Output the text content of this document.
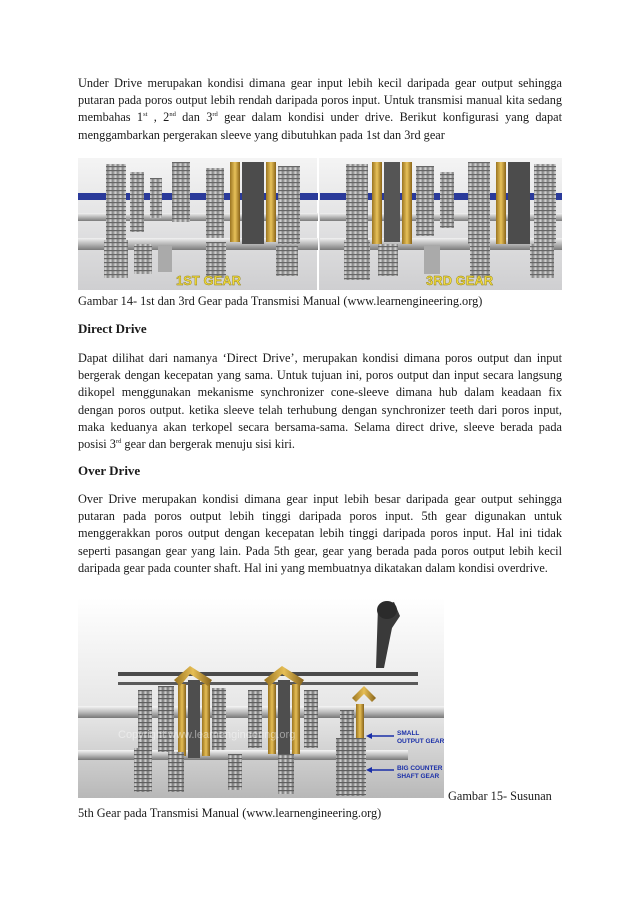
Under Drive merupakan kondisi dimana gear input lebih kecil daripada gear output sehingga putaran pada poros output lebih rendah daripada poros input. Untuk transmisi manual kita sedang membahas 1st , 2nd dan 3rd gear dalam kondisi under drive. Berikut konfigurasi yang dapat menggambarkan pergerakan sleeve yang dibutuhkan pada 1st dan 3rd gear
1ST GEAR	3RD GEAR
Gambar 14- 1st dan 3rd Gear pada Transmisi Manual (www.learnengineering.org)
Direct Drive
Dapat dilihat dari namanya ‘Direct Drive’, merupakan kondisi dimana poros output dan input bergerak dengan kecepatan yang sama. Untuk tujuan ini, poros output dan input secara langsung dikopel menggunakan mekanisme synchronizer cone-sleeve dimana hub dalam keadaan fix dengan poros output. ketika sleeve telah terhubung dengan synchronizer teeth dari poros input, maka keduanya akan terkopel secara bersama-sama. Selama direct drive, sleeve berada pada posisi 3rd gear dan bergerak menuju sisi kiri.
Over Drive
Over Drive merupakan kondisi dimana gear input lebih besar daripada gear output sehingga putaran pada poros output lebih tinggi daripada poros input. 5th gear digunakan untuk menggerakkan poros output dengan kecepatan lebih tinggi daripada poros input. Hal ini tidak seperti pasangan gear yang lain. Pada 5th gear, gear yang berada pada poros output lebih kecil daripada gear pada counter shaft. Hal ini yang membuatnya dikatakan dalam kondisi overdrive.
Copyright www.learnengineering.org	SMALL
OUTPUT GEAR
BIG COUNTER
SHAFT GEAR
Gambar 15- Susunan
5th Gear pada Transmisi Manual (www.learnengineering.org)
